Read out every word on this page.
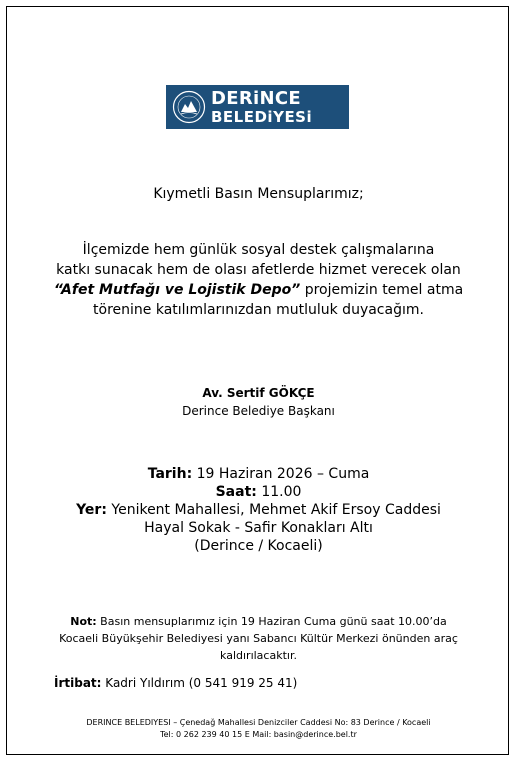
DERiNCE
BELEDiYESi
Kıymetli Basın Mensuplarımız;
İlçemizde hem günlük sosyal destek çalışmalarına
katkı sunacak hem de olası afetlerde hizmet verecek olan
“Afet Mutfağı ve Lojistik Depo” projemizin temel atma
törenine katılımlarınızdan mutluluk duyacağım.
Av. Sertif GÖKÇE
Derince Belediye Başkanı
Tarih: 19 Haziran 2026 – Cuma
Saat: 11.00
Yer: Yenikent Mahallesi, Mehmet Akif Ersoy Caddesi
Hayal Sokak - Safir Konakları Altı
(Derince / Kocaeli)
Not: Basın mensuplarımız için 19 Haziran Cuma günü saat 10.00’da
Kocaeli Büyükşehir Belediyesi yanı Sabancı Kültür Merkezi önünden araç
kaldırılacaktır.
İrtibat: Kadri Yıldırım (0 541 919 25 41)
DERINCE BELEDIYESI – Çenedağ Mahallesi Denizciler Caddesi No: 83 Derince / Kocaeli
Tel: 0 262 239 40 15 E Mail: basin@derince.bel.tr
